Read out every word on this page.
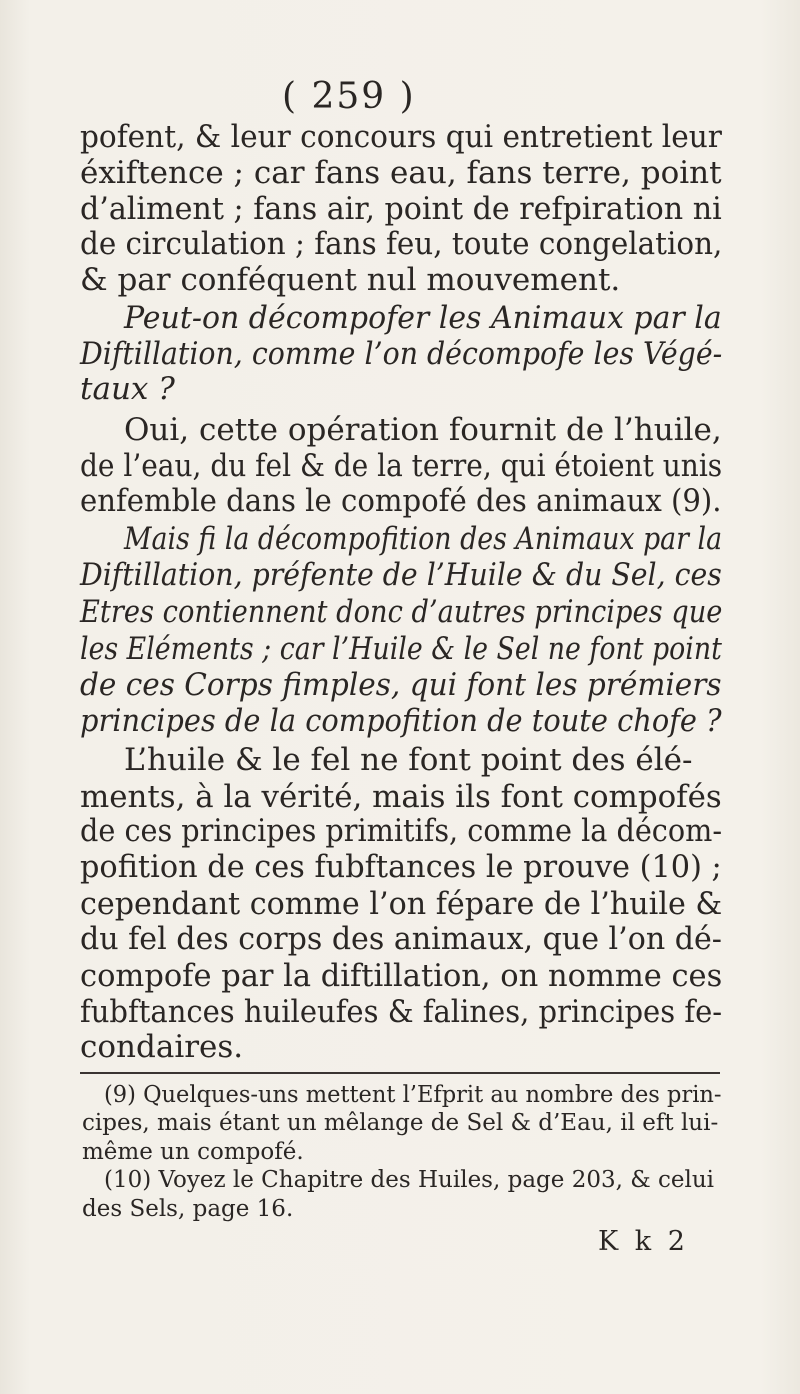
( 259 )
pofent, & leur concours qui entretient leur
éxiftence ; car fans eau, fans terre, point
d’aliment ; fans air, point de refpiration ni
de circulation ; fans feu, toute congelation,
& par conféquent nul mouvement.
Peut-on décompofer les Animaux par la
Diftillation, comme l’on décompofe les Végé-
taux ?
Oui, cette opération fournit de l’huile,
de l’eau, du fel & de la terre, qui étoient unis
enfemble dans le compofé des animaux (9).
Mais fi la décompofition des Animaux par la
Diftillation, préfente de l’Huile & du Sel, ces
Etres contiennent donc d’autres principes que
les Eléments ; car l’Huile & le Sel ne font point
de ces Corps fimples, qui font les prémiers
principes de la compofition de toute chofe ?
L’huile & le fel ne font point des élé-
ments, à la vérité, mais ils font compofés
de ces principes primitifs, comme la décom-
pofition de ces fubftances le prouve (10) ;
cependant comme l’on fépare de l’huile &
du fel des corps des animaux, que l’on dé-
compofe par la diftillation, on nomme ces
fubftances huileufes & falines, principes fe-
condaires.
(9) Quelques-uns mettent l’Efprit au nombre des prin-
cipes, mais étant un mêlange de Sel & d’Eau, il eft lui-
même un compofé.
(10) Voyez le Chapitre des Huiles, page 203, & celui
des Sels, page 16.
K k 2
